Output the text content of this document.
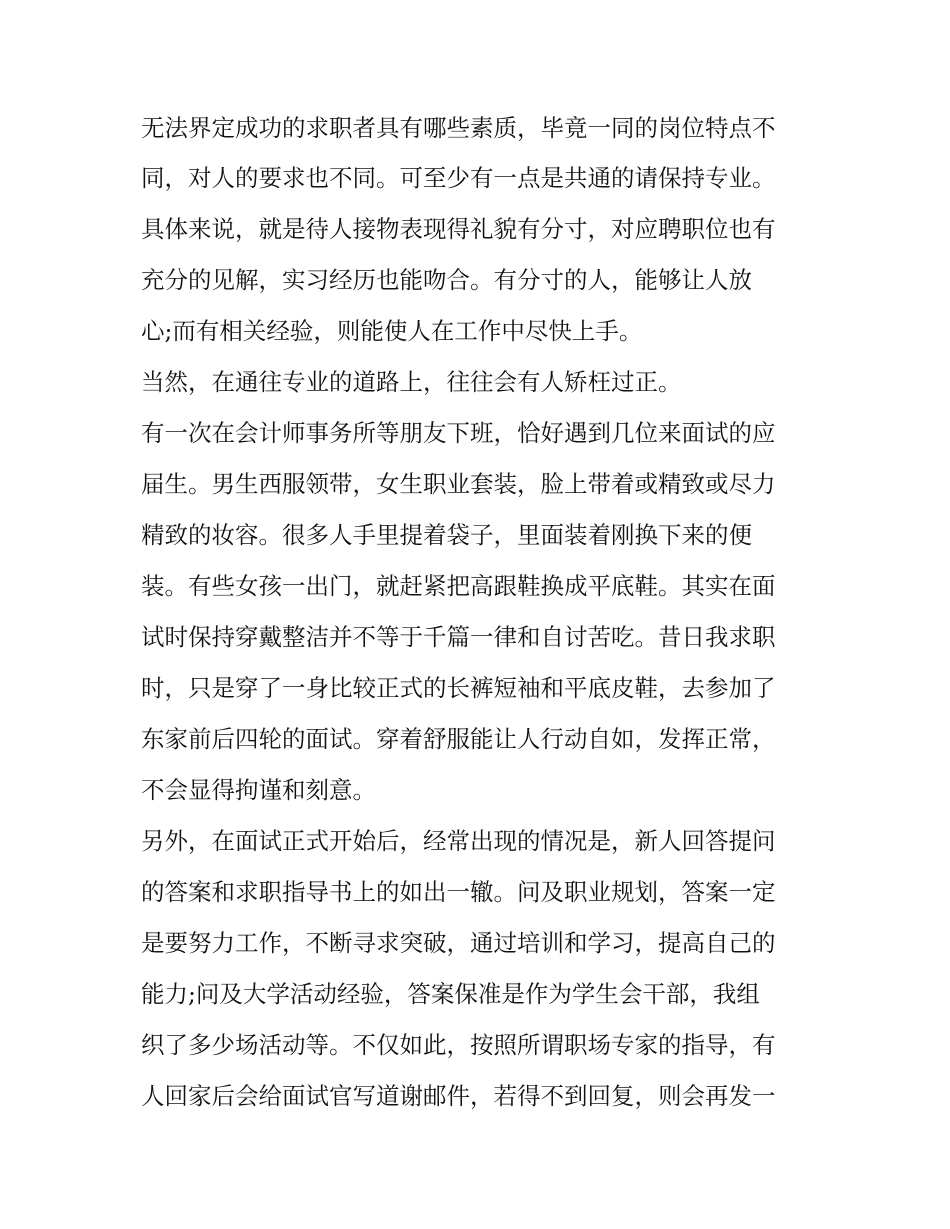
无法界定成功的求职者具有哪些素质，毕竟一同的岗位特点不
同，对人的要求也不同。可至少有一点是共通的请保持专业。
具体来说，就是待人接物表现得礼貌有分寸，对应聘职位也有
充分的见解，实习经历也能吻合。有分寸的人，能够让人放
心;而有相关经验，则能使人在工作中尽快上手。
当然，在通往专业的道路上，往往会有人矫枉过正。
有一次在会计师事务所等朋友下班，恰好遇到几位来面试的应
届生。男生西服领带，女生职业套装，脸上带着或精致或尽力
精致的妆容。很多人手里提着袋子，里面装着刚换下来的便
装。有些女孩一出门，就赶紧把高跟鞋换成平底鞋。其实在面
试时保持穿戴整洁并不等于千篇一律和自讨苦吃。昔日我求职
时，只是穿了一身比较正式的长裤短袖和平底皮鞋，去参加了
东家前后四轮的面试。穿着舒服能让人行动自如，发挥正常，
不会显得拘谨和刻意。
另外，在面试正式开始后，经常出现的情况是，新人回答提问
的答案和求职指导书上的如出一辙。问及职业规划，答案一定
是要努力工作，不断寻求突破，通过培训和学习，提高自己的
能力;问及大学活动经验，答案保准是作为学生会干部，我组
织了多少场活动等。不仅如此，按照所谓职场专家的指导，有
人回家后会给面试官写道谢邮件，若得不到回复，则会再发一
